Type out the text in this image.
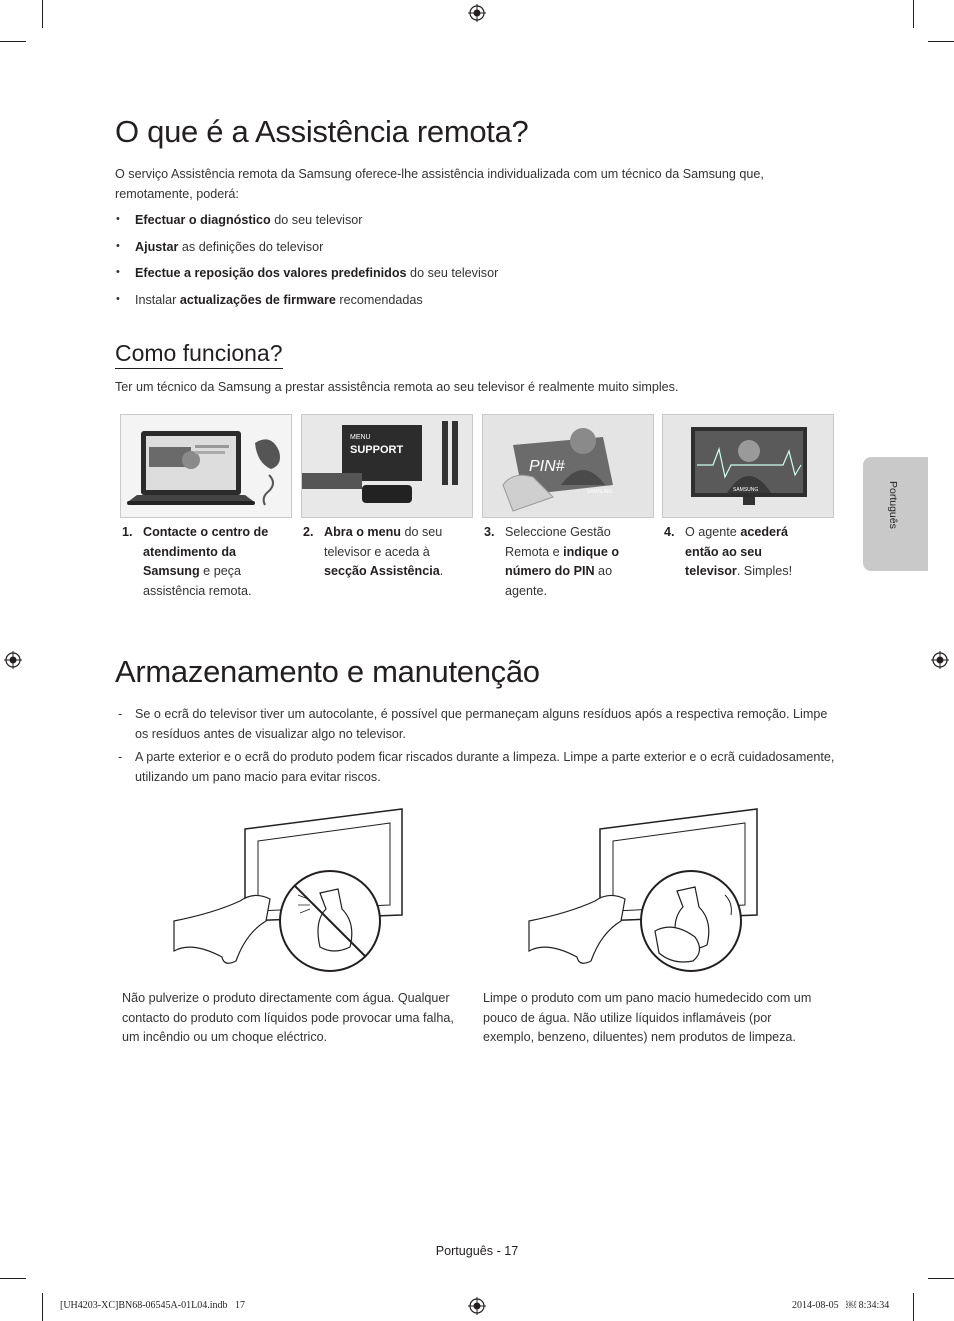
O que é a Assistência remota?
O serviço Assistência remota da Samsung oferece-lhe assistência individualizada com um técnico da Samsung que, remotamente, poderá:
• Efectuar o diagnóstico do seu televisor
• Ajustar as definições do televisor
• Efectue a reposição dos valores predefinidos do seu televisor
• Instalar actualizações de firmware recomendadas
Como funciona?
Ter um técnico da Samsung a prestar assistência remota ao seu televisor é realmente muito simples.
MENU
SUPPORT
PIN#
SAMSUNG	SAMSUNG
1. Contacte o centro de atendimento da Samsung e peça assistência remota.
2. Abra o menu do seu televisor e aceda à secção Assistência.
3. Seleccione Gestão Remota e indique o número do PIN ao agente.
4. O agente acederá então ao seu televisor. Simples!
Português
Armazenamento e manutenção
- Se o ecrã do televisor tiver um autocolante, é possível que permaneçam alguns resíduos após a respectiva remoção. Limpe os resíduos antes de visualizar algo no televisor.
- A parte exterior e o ecrã do produto podem ficar riscados durante a limpeza. Limpe a parte exterior e o ecrã cuidadosamente, utilizando um pano macio para evitar riscos.
Não pulverize o produto directamente com água. Qualquer contacto do produto com líquidos pode provocar uma falha, um incêndio ou um choque eléctrico.
Limpe o produto com um pano macio humedecido com um pouco de água. Não utilize líquidos inflamáveis (por exemplo, benzeno, diluentes) nem produtos de limpeza.
Português - 17
[UH4203-XC]BN68-06545A-01L04.indb   17	2014-08-05   ￼ 8:34:34
